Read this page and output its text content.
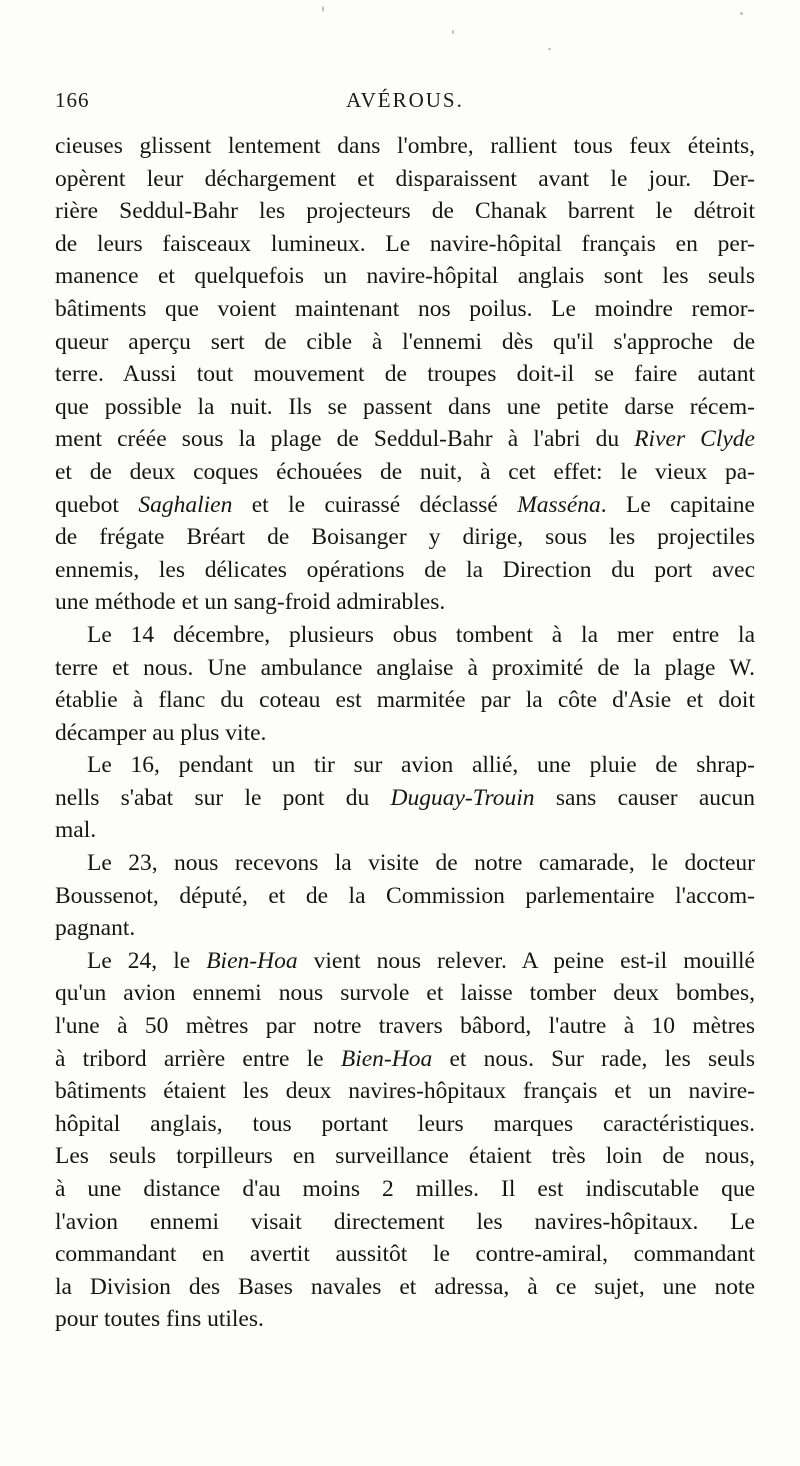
166	AVÉROUS.
cieuses glissent lentement dans l'ombre, rallient tous feux éteints,
opèrent leur déchargement et disparaissent avant le jour. Der-
rière Seddul-Bahr les projecteurs de Chanak barrent le détroit
de leurs faisceaux lumineux. Le navire-hôpital français en per-
manence et quelquefois un navire-hôpital anglais sont les seuls
bâtiments que voient maintenant nos poilus. Le moindre remor-
queur aperçu sert de cible à l'ennemi dès qu'il s'approche de
terre. Aussi tout mouvement de troupes doit-il se faire autant
que possible la nuit. Ils se passent dans une petite darse récem-
ment créée sous la plage de Seddul-Bahr à l'abri du River Clyde
et de deux coques échouées de nuit, à cet effet: le vieux pa-
quebot Saghalien et le cuirassé déclassé Masséna. Le capitaine
de frégate Bréart de Boisanger y dirige, sous les projectiles
ennemis, les délicates opérations de la Direction du port avec
une méthode et un sang-froid admirables.
Le 14 décembre, plusieurs obus tombent à la mer entre la
terre et nous. Une ambulance anglaise à proximité de la plage W.
établie à flanc du coteau est marmitée par la côte d'Asie et doit
décamper au plus vite.
Le 16, pendant un tir sur avion allié, une pluie de shrap-
nells s'abat sur le pont du Duguay-Trouin sans causer aucun
mal.
Le 23, nous recevons la visite de notre camarade, le docteur
Boussenot, député, et de la Commission parlementaire l'accom-
pagnant.
Le 24, le Bien-Hoa vient nous relever. A peine est-il mouillé
qu'un avion ennemi nous survole et laisse tomber deux bombes,
l'une à 50 mètres par notre travers bâbord, l'autre à 10 mètres
à tribord arrière entre le Bien-Hoa et nous. Sur rade, les seuls
bâtiments étaient les deux navires-hôpitaux français et un navire-
hôpital anglais, tous portant leurs marques caractéristiques.
Les seuls torpilleurs en surveillance étaient très loin de nous,
à une distance d'au moins 2 milles. Il est indiscutable que
l'avion ennemi visait directement les navires-hôpitaux. Le
commandant en avertit aussitôt le contre-amiral, commandant
la Division des Bases navales et adressa, à ce sujet, une note
pour toutes fins utiles.
